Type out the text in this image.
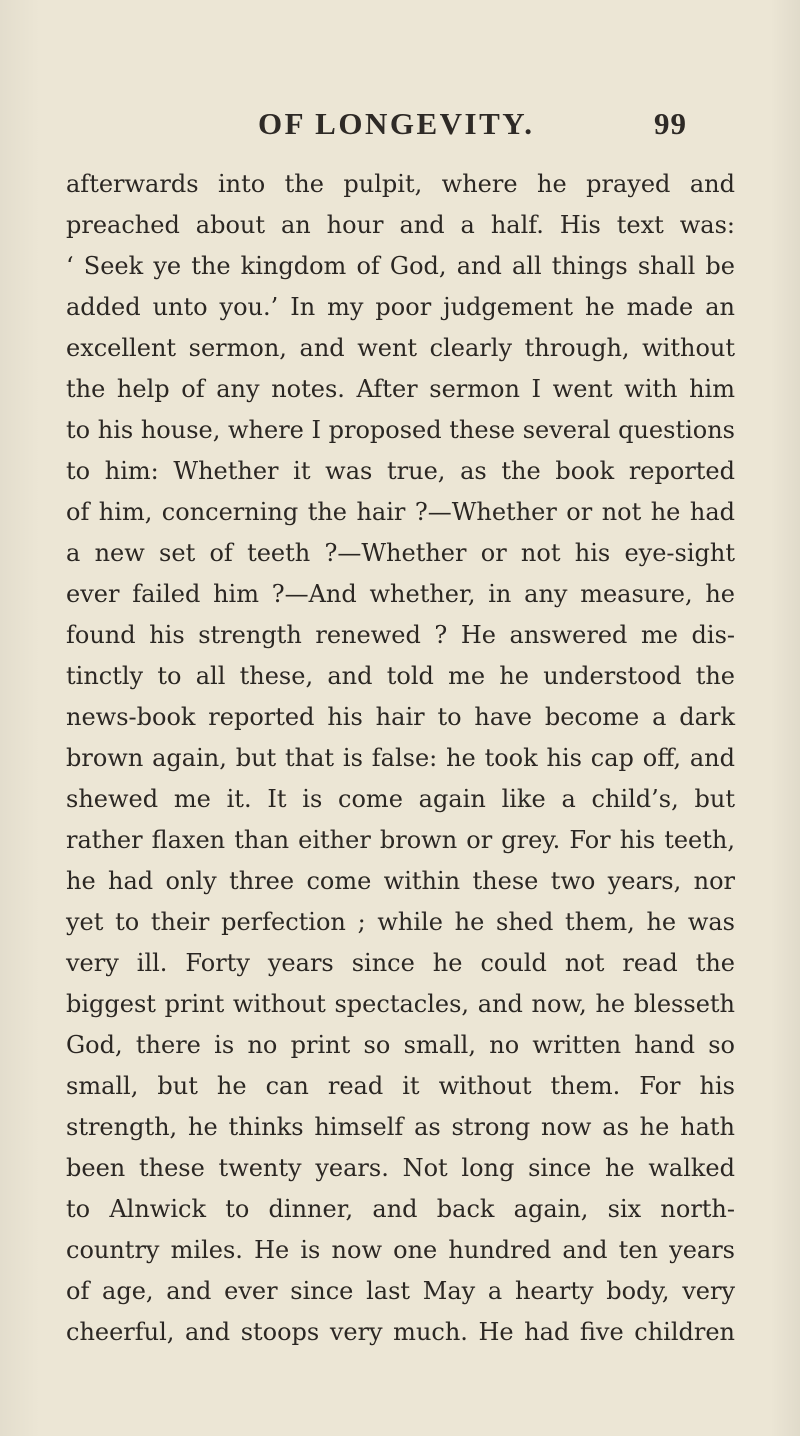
OF LONGEVITY.	99
afterwards into the pulpit, where he prayed and
preached about an hour and a half. His text was:
‘ Seek ye the kingdom of God, and all things shall be
added unto you.’ In my poor judgement he made an
excellent sermon, and went clearly through, without
the help of any notes. After sermon I went with him
to his house, where I proposed these several questions
to him: Whether it was true, as the book reported
of him, concerning the hair ?—Whether or not he had
a new set of teeth ?—Whether or not his eye-sight
ever failed him ?—And whether, in any measure, he
found his strength renewed ? He answered me dis-
tinctly to all these, and told me he understood the
news-book reported his hair to have become a dark
brown again, but that is false: he took his cap off, and
shewed me it. It is come again like a child’s, but
rather flaxen than either brown or grey. For his teeth,
he had only three come within these two years, nor
yet to their perfection ; while he shed them, he was
very ill. Forty years since he could not read the
biggest print without spectacles, and now, he blesseth
God, there is no print so small, no written hand so
small, but he can read it without them. For his
strength, he thinks himself as strong now as he hath
been these twenty years. Not long since he walked
to Alnwick to dinner, and back again, six north-
country miles. He is now one hundred and ten years
of age, and ever since last May a hearty body, very
cheerful, and stoops very much. He had five children
